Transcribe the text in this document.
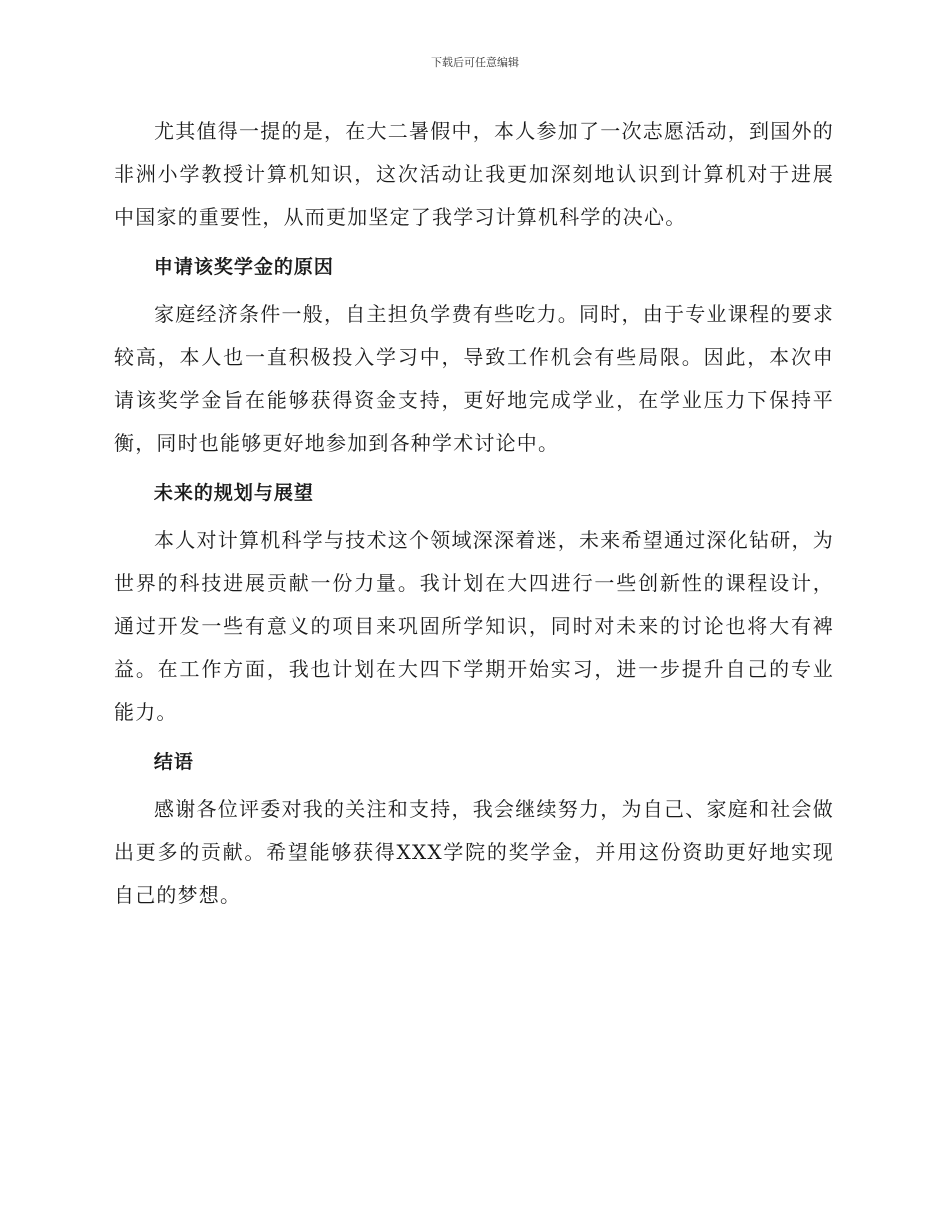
下载后可任意编辑

尤其值得一提的是，在大二暑假中，本人参加了一次志愿活动，到国外的非洲小学教授计算机知识，这次活动让我更加深刻地认识到计算机对于进展中国家的重要性，从而更加坚定了我学习计算机科学的决心。

申请该奖学金的原因

家庭经济条件一般，自主担负学费有些吃力。同时，由于专业课程的要求较高，本人也一直积极投入学习中，导致工作机会有些局限。因此，本次申请该奖学金旨在能够获得资金支持，更好地完成学业，在学业压力下保持平衡，同时也能够更好地参加到各种学术讨论中。

未来的规划与展望

本人对计算机科学与技术这个领域深深着迷，未来希望通过深化钻研，为世界的科技进展贡献一份力量。我计划在大四进行一些创新性的课程设计，通过开发一些有意义的项目来巩固所学知识，同时对未来的讨论也将大有裨益。在工作方面，我也计划在大四下学期开始实习，进一步提升自己的专业能力。

结语

感谢各位评委对我的关注和支持，我会继续努力，为自己、家庭和社会做出更多的贡献。希望能够获得XXX学院的奖学金，并用这份资助更好地实现自己的梦想。
